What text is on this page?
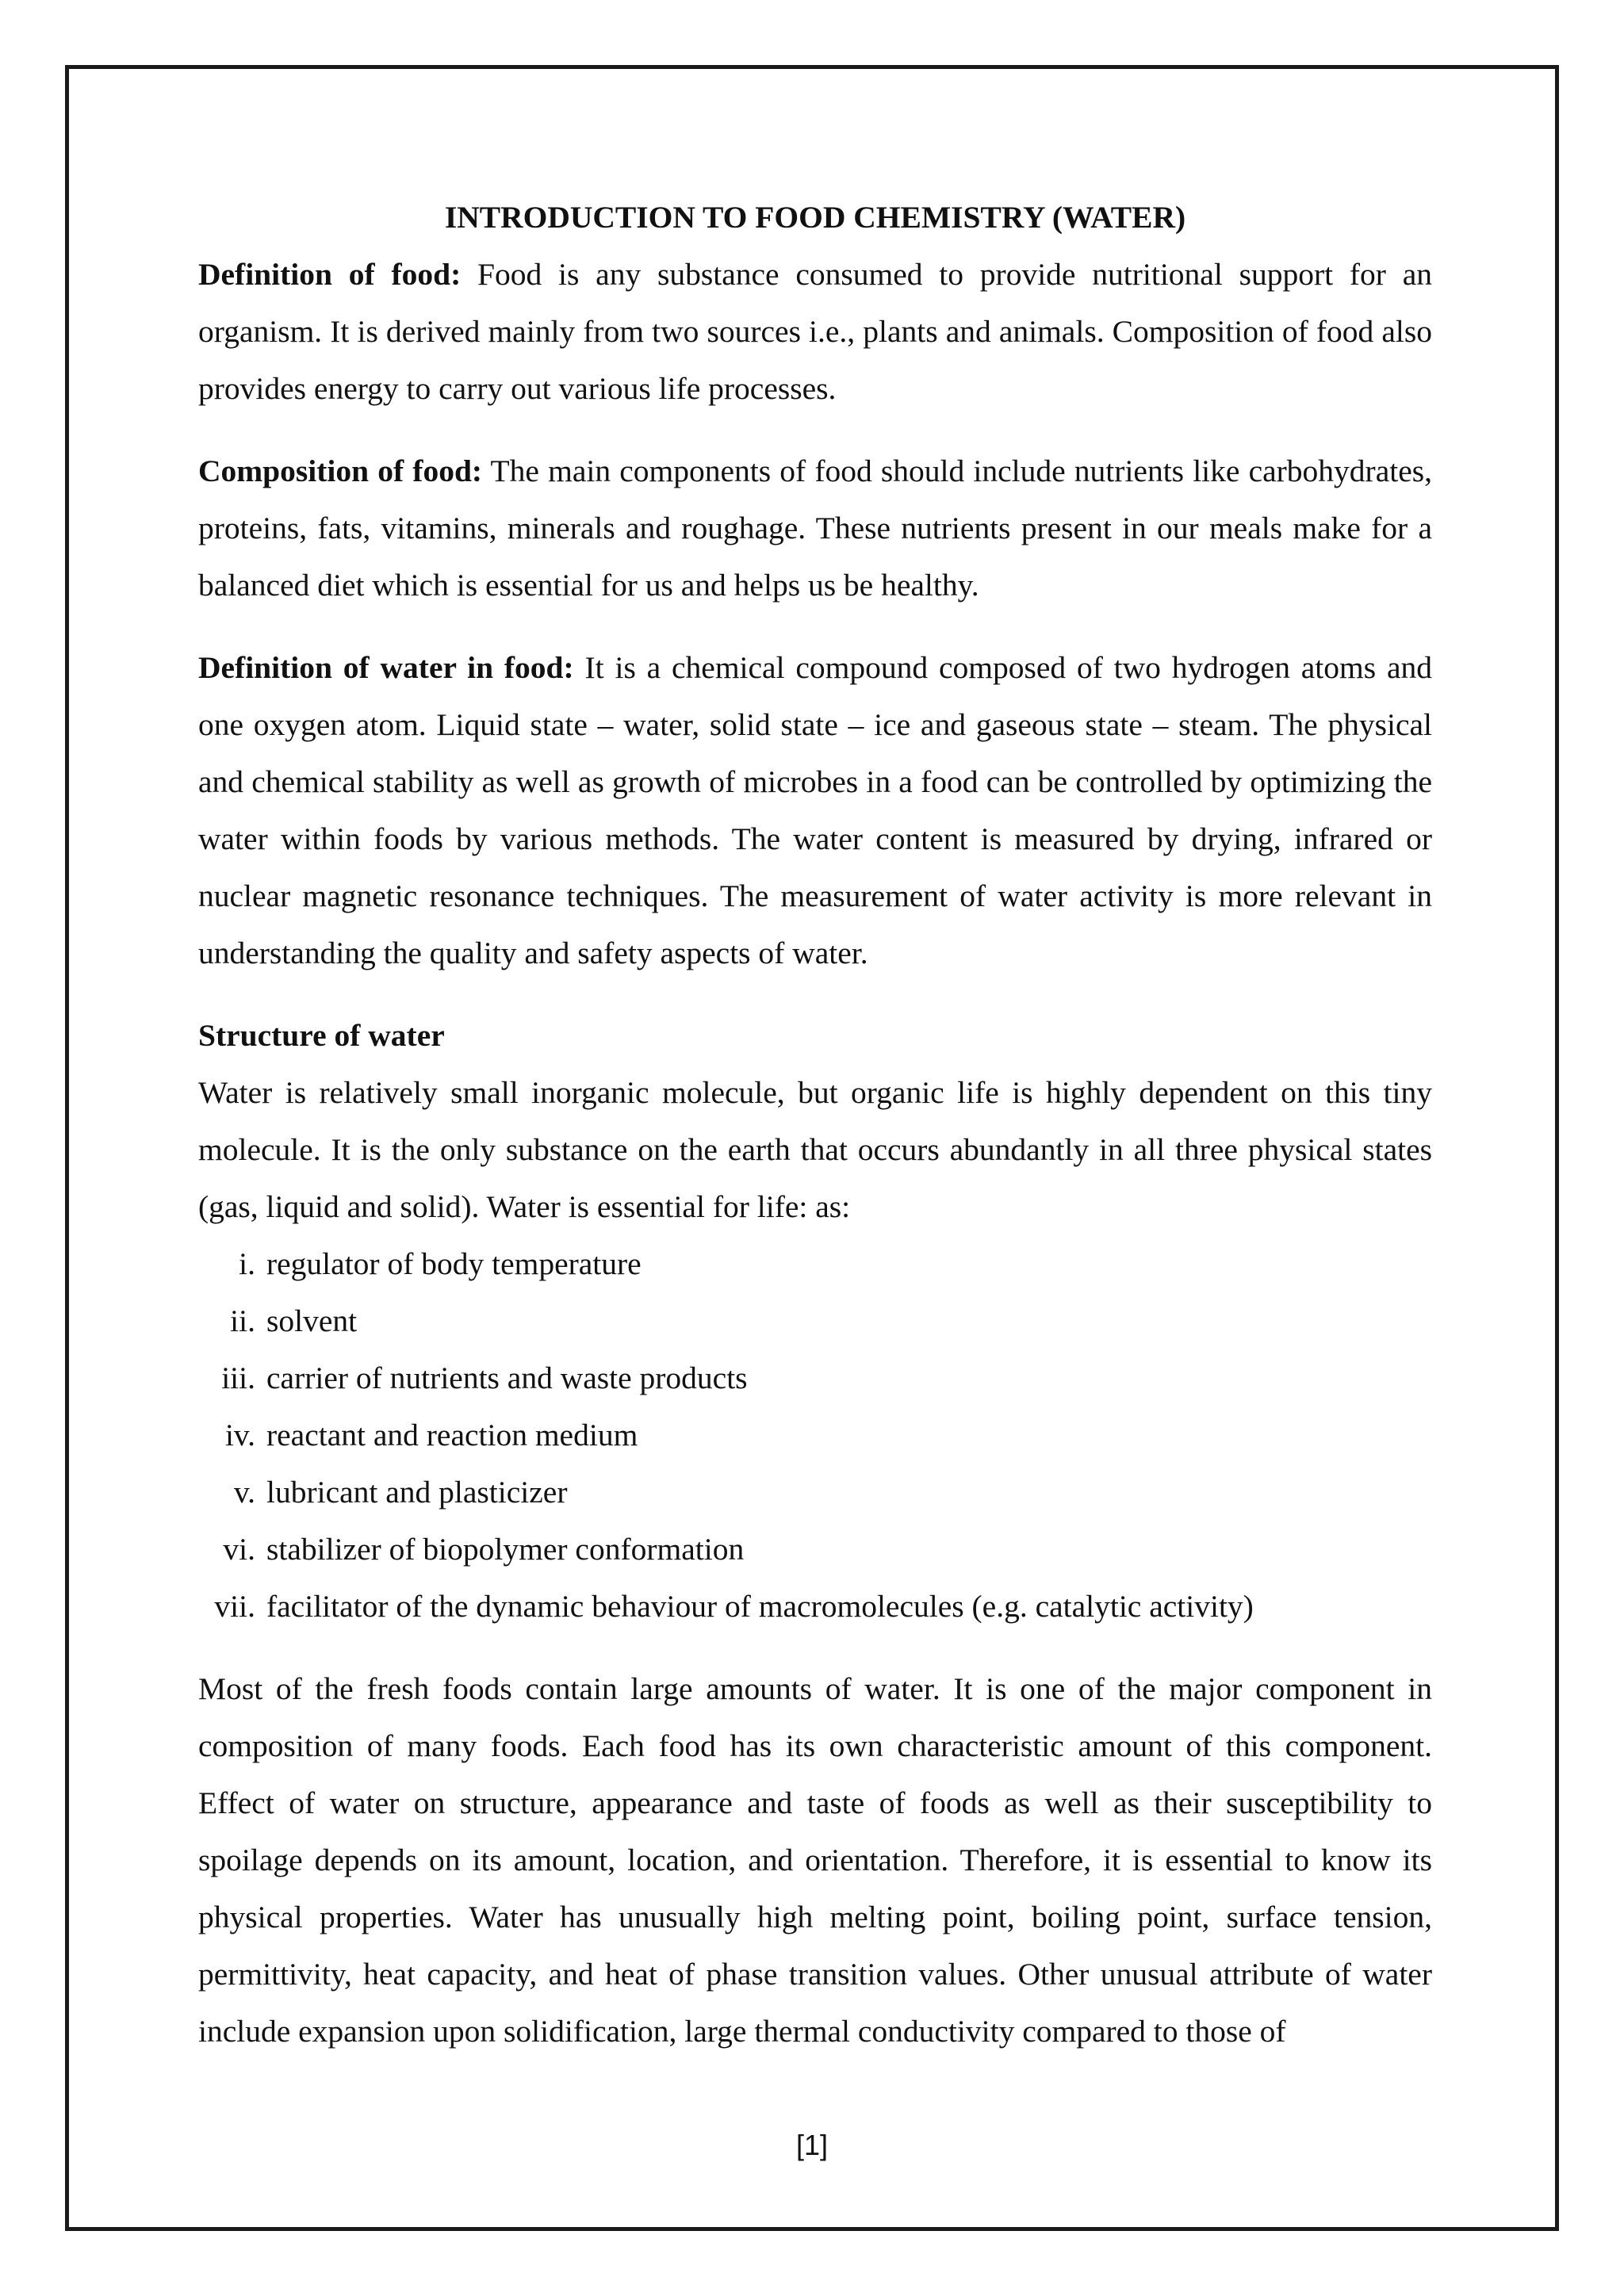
INTRODUCTION TO FOOD CHEMISTRY (WATER)

Definition of food: Food is any substance consumed to provide nutritional support for an organism. It is derived mainly from two sources i.e., plants and animals. Composition of food also provides energy to carry out various life processes.

Composition of food: The main components of food should include nutrients like carbohydrates, proteins, fats, vitamins, minerals and roughage. These nutrients present in our meals make for a balanced diet which is essential for us and helps us be healthy.

Definition of water in food: It is a chemical compound composed of two hydrogen atoms and one oxygen atom. Liquid state – water, solid state – ice and gaseous state – steam. The physical and chemical stability as well as growth of microbes in a food can be controlled by optimizing the water within foods by various methods. The water content is measured by drying, infrared or nuclear magnetic resonance techniques. The measurement of water activity is more relevant in understanding the quality and safety aspects of water.

Structure of water

Water is relatively small inorganic molecule, but organic life is highly dependent on this tiny molecule. It is the only substance on the earth that occurs abundantly in all three physical states (gas, liquid and solid). Water is essential for life: as:

i. regulator of body temperature
ii. solvent
iii. carrier of nutrients and waste products
iv. reactant and reaction medium
v. lubricant and plasticizer
vi. stabilizer of biopolymer conformation
vii. facilitator of the dynamic behaviour of macromolecules (e.g. catalytic activity)

Most of the fresh foods contain large amounts of water. It is one of the major component in composition of many foods. Each food has its own characteristic amount of this component. Effect of water on structure, appearance and taste of foods as well as their susceptibility to spoilage depends on its amount, location, and orientation. Therefore, it is essential to know its physical properties. Water has unusually high melting point, boiling point, surface tension, permittivity, heat capacity, and heat of phase transition values. Other unusual attribute of water include expansion upon solidification, large thermal conductivity compared to those of

[1]
